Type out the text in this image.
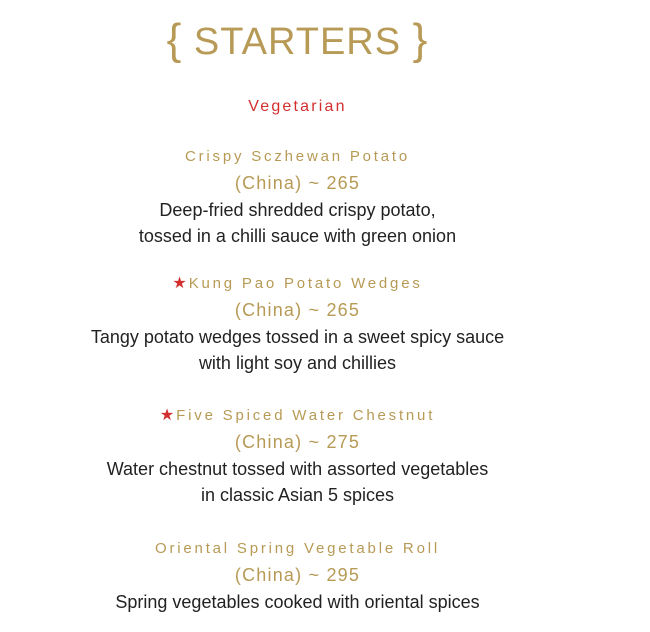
{ STARTERS }
Vegetarian
Crispy Sczhewan Potato
(China) ~ 265
Deep-fried shredded crispy potato,
tossed in a chilli sauce with green onion
★ Kung Pao Potato Wedges
(China) ~ 265
Tangy potato wedges tossed in a sweet spicy sauce
with light soy and chillies
★ Five Spiced Water Chestnut
(China) ~ 275
Water chestnut tossed with assorted vegetables
in classic Asian 5 spices
Oriental Spring Vegetable Roll
(China) ~ 295
Spring vegetables cooked with oriental spices
